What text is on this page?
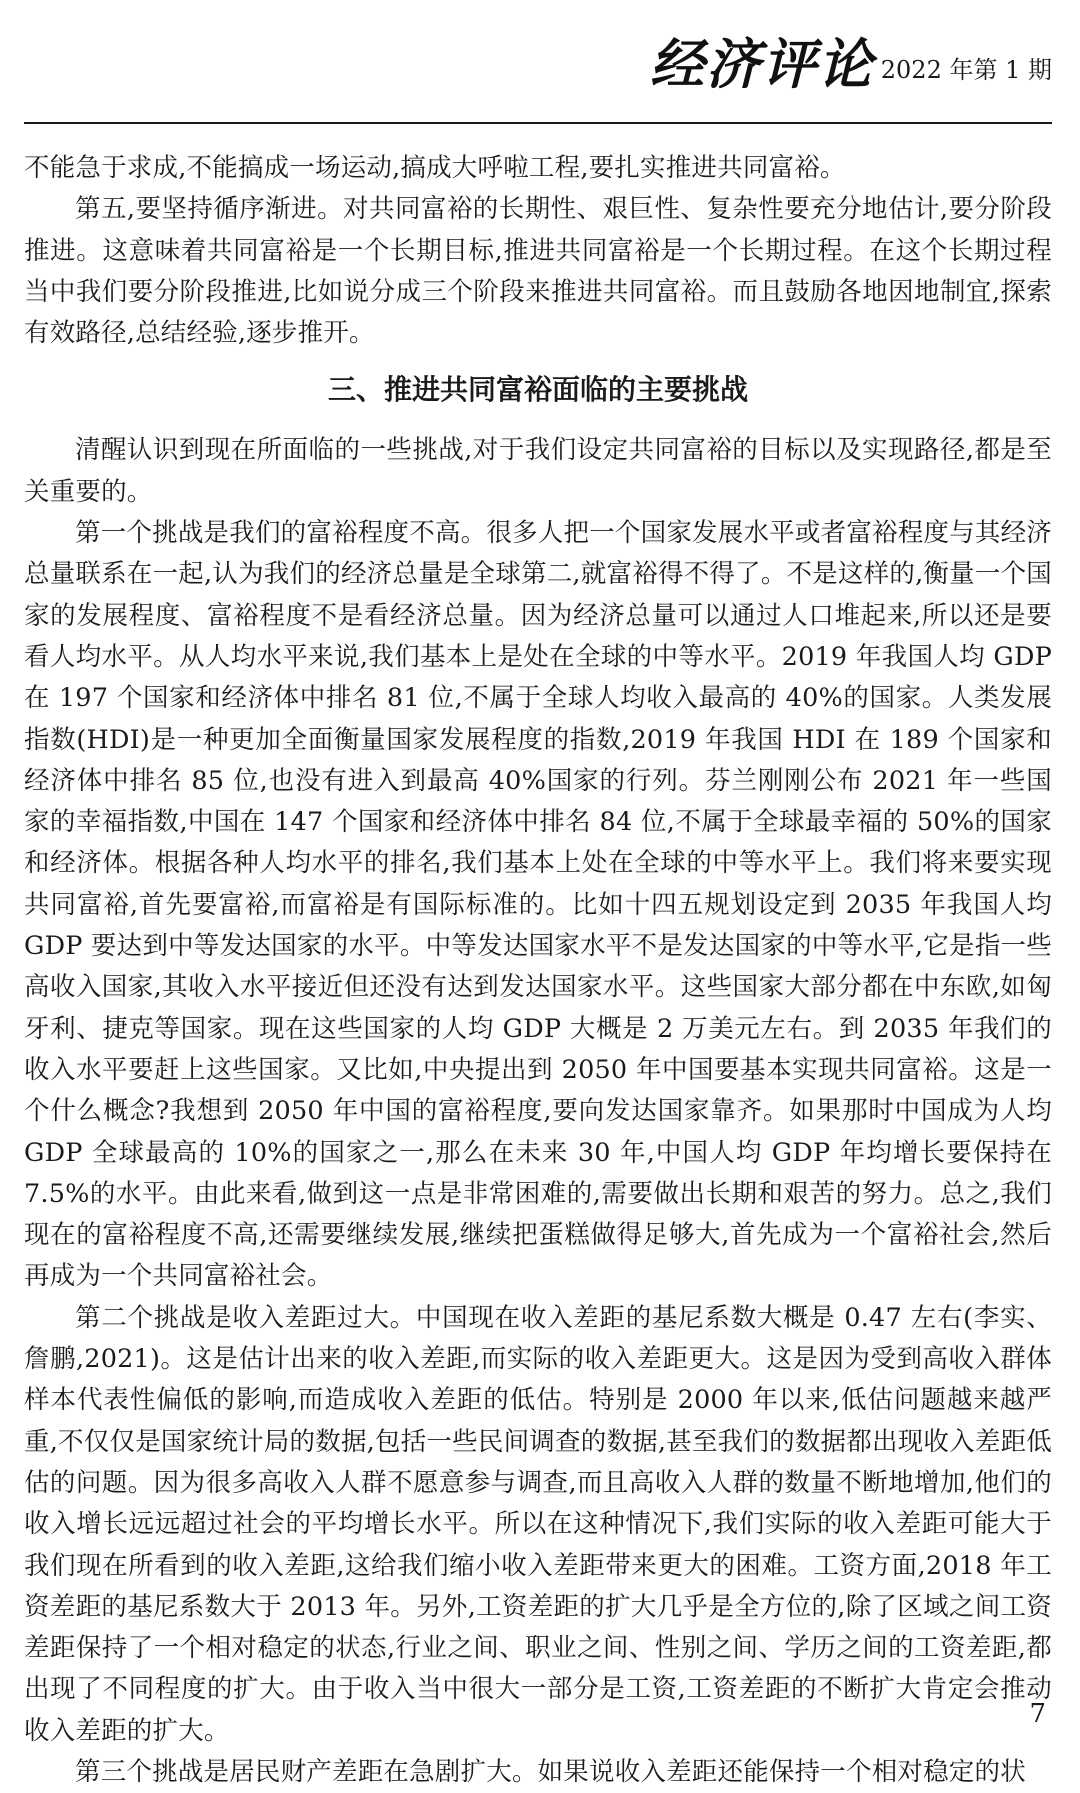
经济评论 2022 年第 1 期

不能急于求成,不能搞成一场运动,搞成大呼啦工程,要扎实推进共同富裕。

第五,要坚持循序渐进。对共同富裕的长期性、艰巨性、复杂性要充分地估计,要分阶段推进。这意味着共同富裕是一个长期目标,推进共同富裕是一个长期过程。在这个长期过程当中我们要分阶段推进,比如说分成三个阶段来推进共同富裕。而且鼓励各地因地制宜,探索有效路径,总结经验,逐步推开。

三、推进共同富裕面临的主要挑战

清醒认识到现在所面临的一些挑战,对于我们设定共同富裕的目标以及实现路径,都是至关重要的。

第一个挑战是我们的富裕程度不高。很多人把一个国家发展水平或者富裕程度与其经济总量联系在一起,认为我们的经济总量是全球第二,就富裕得不得了。不是这样的,衡量一个国家的发展程度、富裕程度不是看经济总量。因为经济总量可以通过人口堆起来,所以还是要看人均水平。从人均水平来说,我们基本上是处在全球的中等水平。2019 年我国人均 GDP 在 197 个国家和经济体中排名 81 位,不属于全球人均收入最高的 40%的国家。人类发展指数(HDI)是一种更加全面衡量国家发展程度的指数,2019 年我国 HDI 在 189 个国家和经济体中排名 85 位,也没有进入到最高 40%国家的行列。芬兰刚刚公布 2021 年一些国家的幸福指数,中国在 147 个国家和经济体中排名 84 位,不属于全球最幸福的 50%的国家和经济体。根据各种人均水平的排名,我们基本上处在全球的中等水平上。我们将来要实现共同富裕,首先要富裕,而富裕是有国际标准的。比如十四五规划设定到 2035 年我国人均 GDP 要达到中等发达国家的水平。中等发达国家水平不是发达国家的中等水平,它是指一些高收入国家,其收入水平接近但还没有达到发达国家水平。这些国家大部分都在中东欧,如匈牙利、捷克等国家。现在这些国家的人均 GDP 大概是 2 万美元左右。到 2035 年我们的收入水平要赶上这些国家。又比如,中央提出到 2050 年中国要基本实现共同富裕。这是一个什么概念?我想到 2050 年中国的富裕程度,要向发达国家靠齐。如果那时中国成为人均 GDP 全球最高的 10%的国家之一,那么在未来 30 年,中国人均 GDP 年均增长要保持在7.5%的水平。由此来看,做到这一点是非常困难的,需要做出长期和艰苦的努力。总之,我们现在的富裕程度不高,还需要继续发展,继续把蛋糕做得足够大,首先成为一个富裕社会,然后再成为一个共同富裕社会。

第二个挑战是收入差距过大。中国现在收入差距的基尼系数大概是 0.47 左右(李实、詹鹏,2021)。这是估计出来的收入差距,而实际的收入差距更大。这是因为受到高收入群体样本代表性偏低的影响,而造成收入差距的低估。特别是 2000 年以来,低估问题越来越严重,不仅仅是国家统计局的数据,包括一些民间调查的数据,甚至我们的数据都出现收入差距低估的问题。因为很多高收入人群不愿意参与调查,而且高收入人群的数量不断地增加,他们的收入增长远远超过社会的平均增长水平。所以在这种情况下,我们实际的收入差距可能大于我们现在所看到的收入差距,这给我们缩小收入差距带来更大的困难。工资方面,2018 年工资差距的基尼系数大于 2013 年。另外,工资差距的扩大几乎是全方位的,除了区域之间工资差距保持了一个相对稳定的状态,行业之间、职业之间、性别之间、学历之间的工资差距,都出现了不同程度的扩大。由于收入当中很大一部分是工资,工资差距的不断扩大肯定会推动收入差距的扩大。

第三个挑战是居民财产差距在急剧扩大。如果说收入差距还能保持一个相对稳定的状

7
